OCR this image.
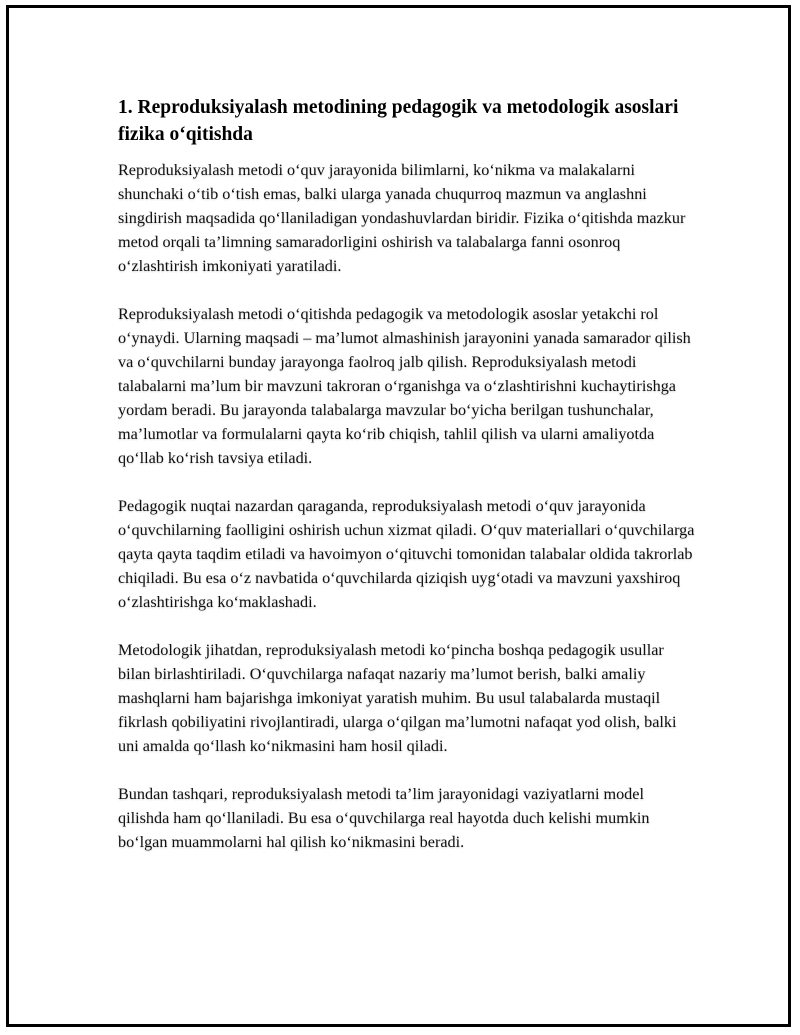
1. Reproduksiyalash metodining pedagogik va metodologik asoslari fizika o‘qitishda

Reproduksiyalash metodi o‘quv jarayonida bilimlarni, ko‘nikma va malakalarni shunchaki o‘tib o‘tish emas, balki ularga yanada chuqurroq mazmun va anglashni singdirish maqsadida qo‘llaniladigan yondashuvlardan biridir. Fizika o‘qitishda mazkur metod orqali ta’limning samaradorligini oshirish va talabalarga fanni osonroq o‘zlashtirish imkoniyati yaratiladi.

Reproduksiyalash metodi o‘qitishda pedagogik va metodologik asoslar yetakchi rol o‘ynaydi. Ularning maqsadi – ma’lumot almashinish jarayonini yanada samarador qilish va o‘quvchilarni bunday jarayonga faolroq jalb qilish. Reproduksiyalash metodi talabalarni ma’lum bir mavzuni takroran o‘rganishga va o‘zlashtirishni kuchaytirishga yordam beradi. Bu jarayonda talabalarga mavzular bo‘yicha berilgan tushunchalar, ma’lumotlar va formulalarni qayta ko‘rib chiqish, tahlil qilish va ularni amaliyotda qo‘llab ko‘rish tavsiya etiladi.

Pedagogik nuqtai nazardan qaraganda, reproduksiyalash metodi o‘quv jarayonida o‘quvchilarning faolligini oshirish uchun xizmat qiladi. O‘quv materiallari o‘quvchilarga qayta qayta taqdim etiladi va havoimyon o‘qituvchi tomonidan talabalar oldida takrorlab chiqiladi. Bu esa o‘z navbatida o‘quvchilarda qiziqish uyg‘otadi va mavzuni yaxshiroq o‘zlashtirishga ko‘maklashadi.

Metodologik jihatdan, reproduksiyalash metodi ko‘pincha boshqa pedagogik usullar bilan birlashtiriladi. O‘quvchilarga nafaqat nazariy ma’lumot berish, balki amaliy mashqlarni ham bajarishga imkoniyat yaratish muhim. Bu usul talabalarda mustaqil fikrlash qobiliyatini rivojlantiradi, ularga o‘qilgan ma’lumotni nafaqat yod olish, balki uni amalda qo‘llash ko‘nikmasini ham hosil qiladi.

Bundan tashqari, reproduksiyalash metodi ta’lim jarayonidagi vaziyatlarni model qilishda ham qo‘llaniladi. Bu esa o‘quvchilarga real hayotda duch kelishi mumkin bo‘lgan muammolarni hal qilish ko‘nikmasini beradi.
